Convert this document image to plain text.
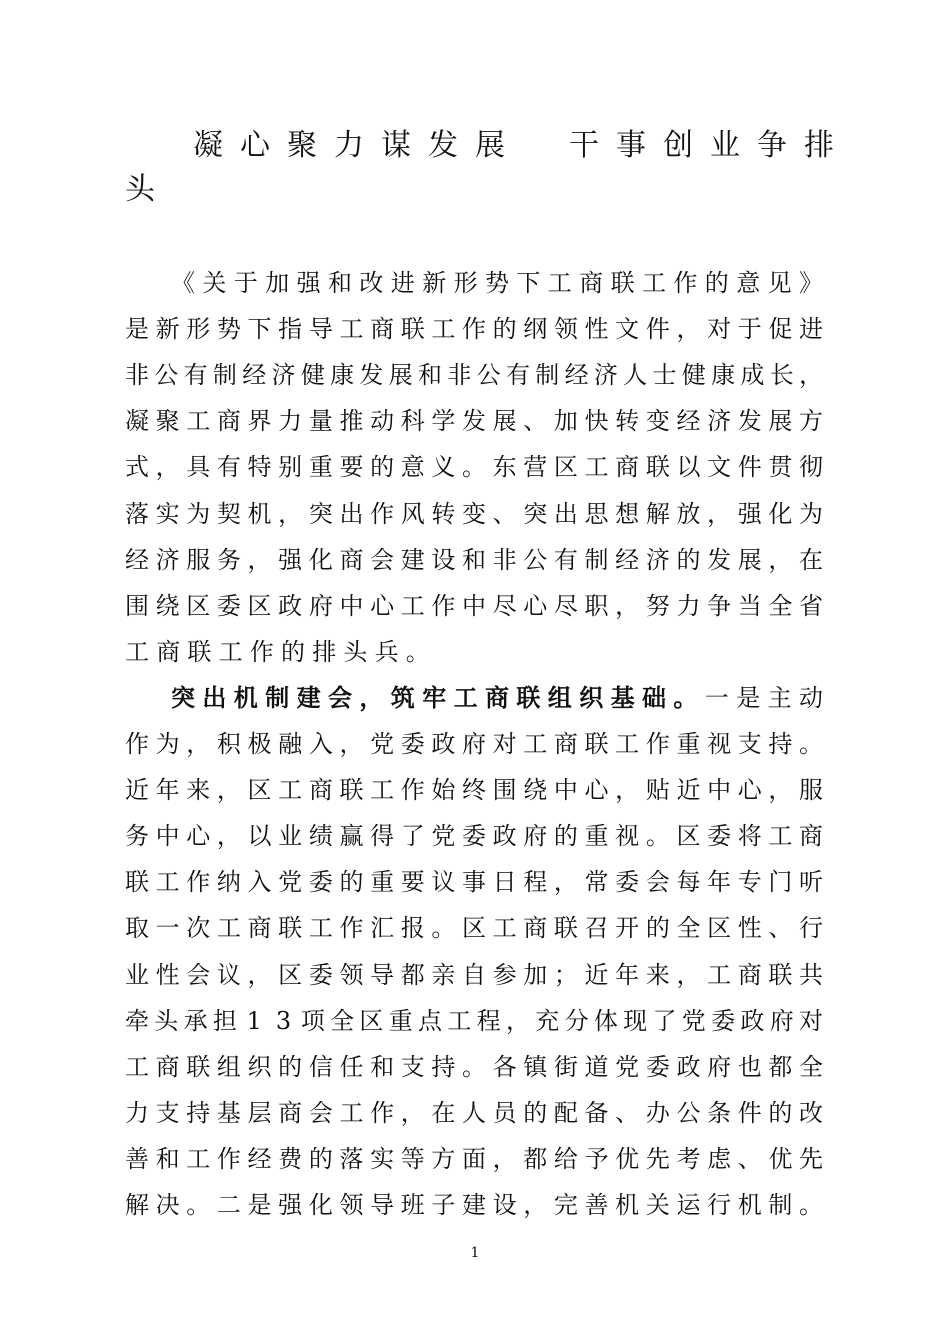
凝 心 聚 力 谋 发 展
　 干 事 创 业 争 排
头
《 关 于 加 强 和 改 进 新 形 势 下 工 商 联 工 作 的 意 见 》
是 新 形 势 下 指 导 工 商 联 工 作 的 纲 领 性 文 件 ， 对 于 促 进
非 公 有 制 经 济 健 康 发 展 和 非 公 有 制 经 济 人 士 健 康 成 长 ，
凝 聚 工 商 界 力 量 推 动 科 学 发 展 、 加 快 转 变 经 济 发 展 方
式 ， 具 有 特 别 重 要 的 意 义 。 东 营 区 工 商 联 以 文 件 贯 彻
落 实 为 契 机 ， 突 出 作 风 转 变 、 突 出 思 想 解 放 ， 强 化 为
经 济 服 务 ， 强 化 商 会 建 设 和 非 公 有 制 经 济 的 发 展 ， 在
围 绕 区 委 区 政 府 中 心 工 作 中 尽 心 尽 职 ， 努 力 争 当 全 省
工 商 联 工 作 的 排 头 兵 。
突 出 机 制 建 会 ， 筑 牢 工 商 联 组 织 基 础 。 一 是 主 动
作 为 ， 积 极 融 入 ， 党 委 政 府 对 工 商 联 工 作 重 视 支 持 。
近 年 来 ， 区 工 商 联 工 作 始 终 围 绕 中 心 ， 贴 近 中 心 ， 服
务 中 心 ， 以 业 绩 赢 得 了 党 委 政 府 的 重 视 。 区 委 将 工 商
联 工 作 纳 入 党 委 的 重 要 议 事 日 程 ， 常 委 会 每 年 专 门 听
取 一 次 工 商 联 工 作 汇 报 。 区 工 商 联 召 开 的 全 区 性 、 行
业 性 会 议 ， 区 委 领 导 都 亲 自 参 加 ； 近 年 来 ， 工 商 联 共
牵 头 承 担 1 3 项 全 区 重 点 工 程 ， 充 分 体 现 了 党 委 政 府 对
工 商 联 组 织 的 信 任 和 支 持 。 各 镇 街 道 党 委 政 府 也 都 全
力 支 持 基 层 商 会 工 作 ， 在 人 员 的 配 备 、 办 公 条 件 的 改
善 和 工 作 经 费 的 落 实 等 方 面 ， 都 给 予 优 先 考 虑 、 优 先
解 决 。 二 是 强 化 领 导 班 子 建 设 ， 完 善 机 关 运 行 机 制 。
1
